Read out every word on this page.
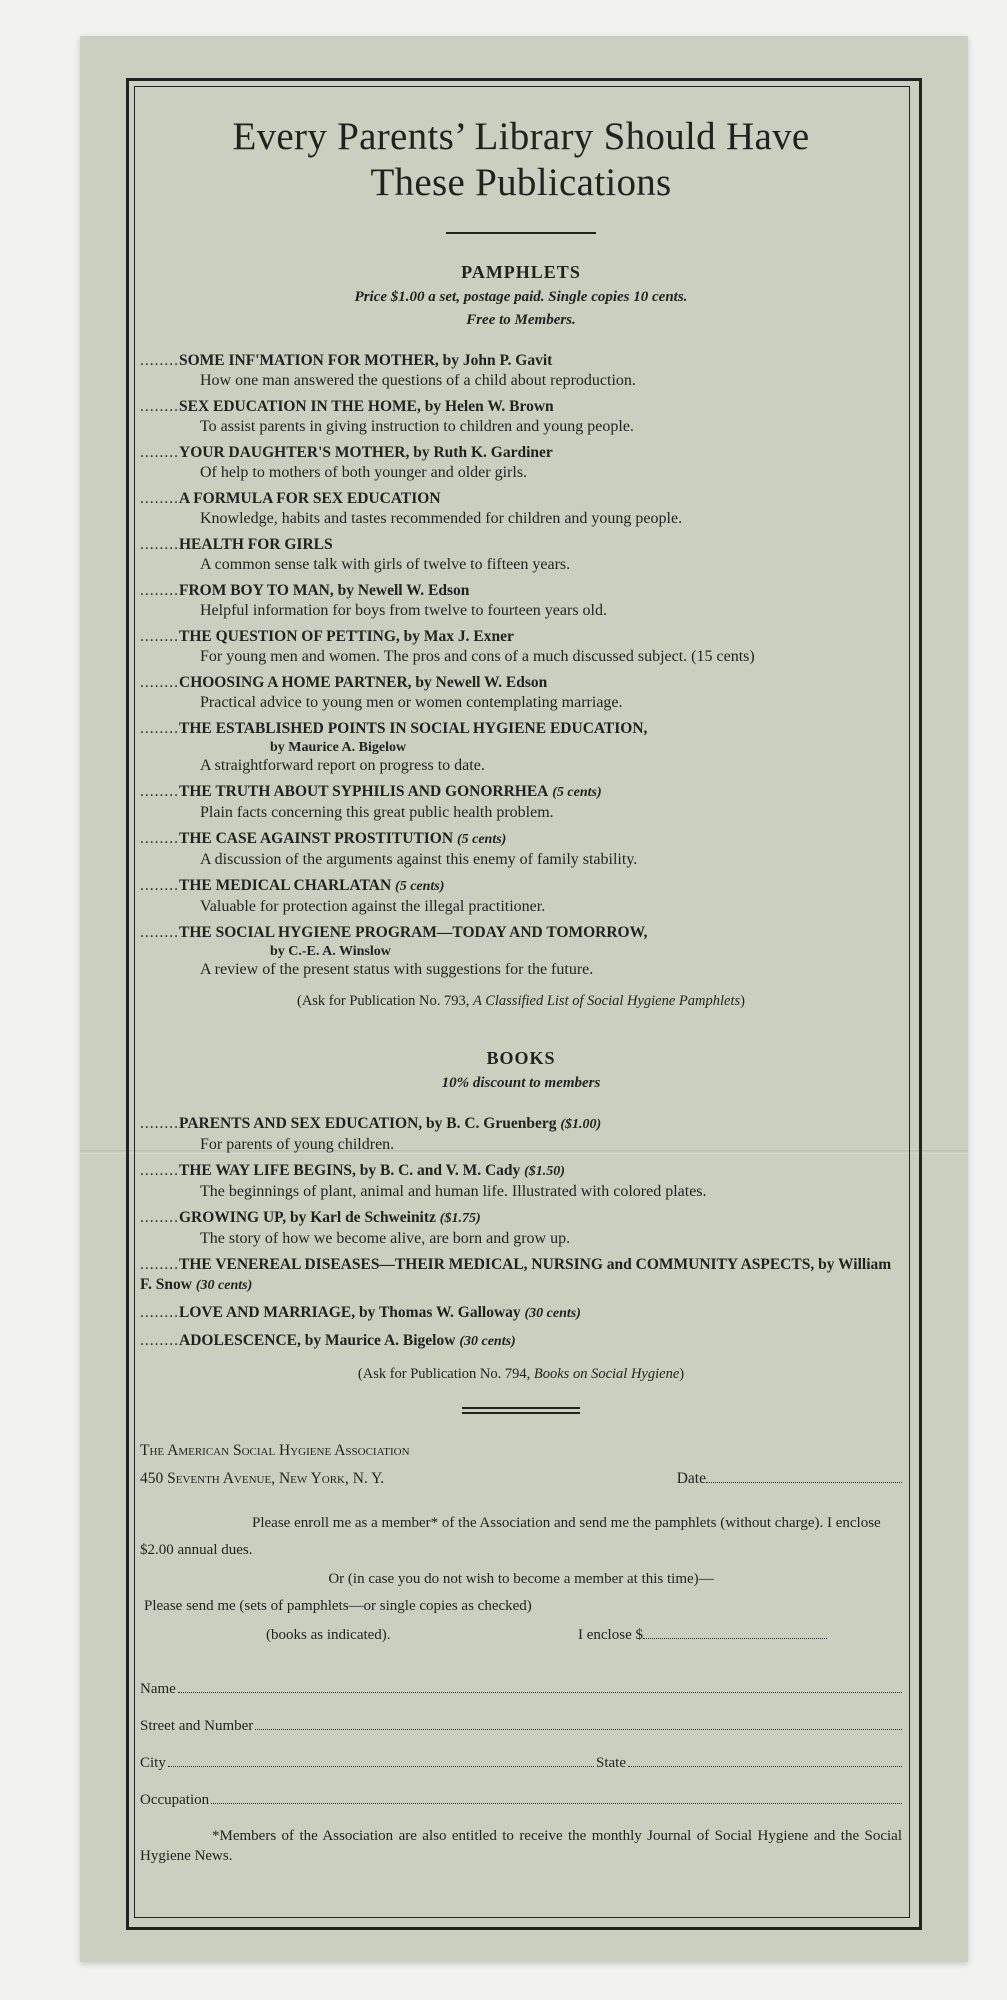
Every Parents’ Library Should Have
These Publications

PAMPHLETS

Price $1.00 a set, postage paid. Single copies 10 cents.

Free to Members.

........SOME INF'MATION FOR MOTHER, by John P. Gavit
How one man answered the questions of a child about reproduction.
........SEX EDUCATION IN THE HOME, by Helen W. Brown
To assist parents in giving instruction to children and young people.
........YOUR DAUGHTER'S MOTHER, by Ruth K. Gardiner
Of help to mothers of both younger and older girls.
........A FORMULA FOR SEX EDUCATION
Knowledge, habits and tastes recommended for children and young people.
........HEALTH FOR GIRLS
A common sense talk with girls of twelve to fifteen years.
........FROM BOY TO MAN, by Newell W. Edson
Helpful information for boys from twelve to fourteen years old.
........THE QUESTION OF PETTING, by Max J. Exner
For young men and women. The pros and cons of a much discussed subject. (15 cents)
........CHOOSING A HOME PARTNER, by Newell W. Edson
Practical advice to young men or women contemplating marriage.
........THE ESTABLISHED POINTS IN SOCIAL HYGIENE EDUCATION,
by Maurice A. Bigelow
A straightforward report on progress to date.
........THE TRUTH ABOUT SYPHILIS AND GONORRHEA (5 cents)
Plain facts concerning this great public health problem.
........THE CASE AGAINST PROSTITUTION (5 cents)
A discussion of the arguments against this enemy of family stability.
........THE MEDICAL CHARLATAN (5 cents)
Valuable for protection against the illegal practitioner.
........THE SOCIAL HYGIENE PROGRAM—TODAY AND TOMORROW,
by C.-E. A. Winslow
A review of the present status with suggestions for the future.

(Ask for Publication No. 793, A Classified List of Social Hygiene Pamphlets)

BOOKS

10% discount to members

........PARENTS AND SEX EDUCATION, by B. C. Gruenberg ($1.00)
For parents of young children.
........THE WAY LIFE BEGINS, by B. C. and V. M. Cady ($1.50)
The beginnings of plant, animal and human life. Illustrated with colored plates.
........GROWING UP, by Karl de Schweinitz ($1.75)
The story of how we become alive, are born and grow up.
........THE VENEREAL DISEASES—THEIR MEDICAL, NURSING and COMMUNITY ASPECTS, by William F. Snow (30 cents)
........LOVE AND MARRIAGE, by Thomas W. Galloway (30 cents)
........ADOLESCENCE, by Maurice A. Bigelow (30 cents)

(Ask for Publication No. 794, Books on Social Hygiene)

The American Social Hygiene Association
450 Seventh Avenue, New York, N. Y.	Date

Please enroll me as a member* of the Association and send me the pamphlets (without charge). I enclose $2.00 annual dues.

Or (in case you do not wish to become a member at this time)—

Please send me (sets of pamphlets—or single copies as checked)

(books as indicated).	I enclose $
Name
Street and Number
City	State
Occupation

*Members of the Association are also entitled to receive the monthly Journal of Social Hygiene and the Social Hygiene News.
